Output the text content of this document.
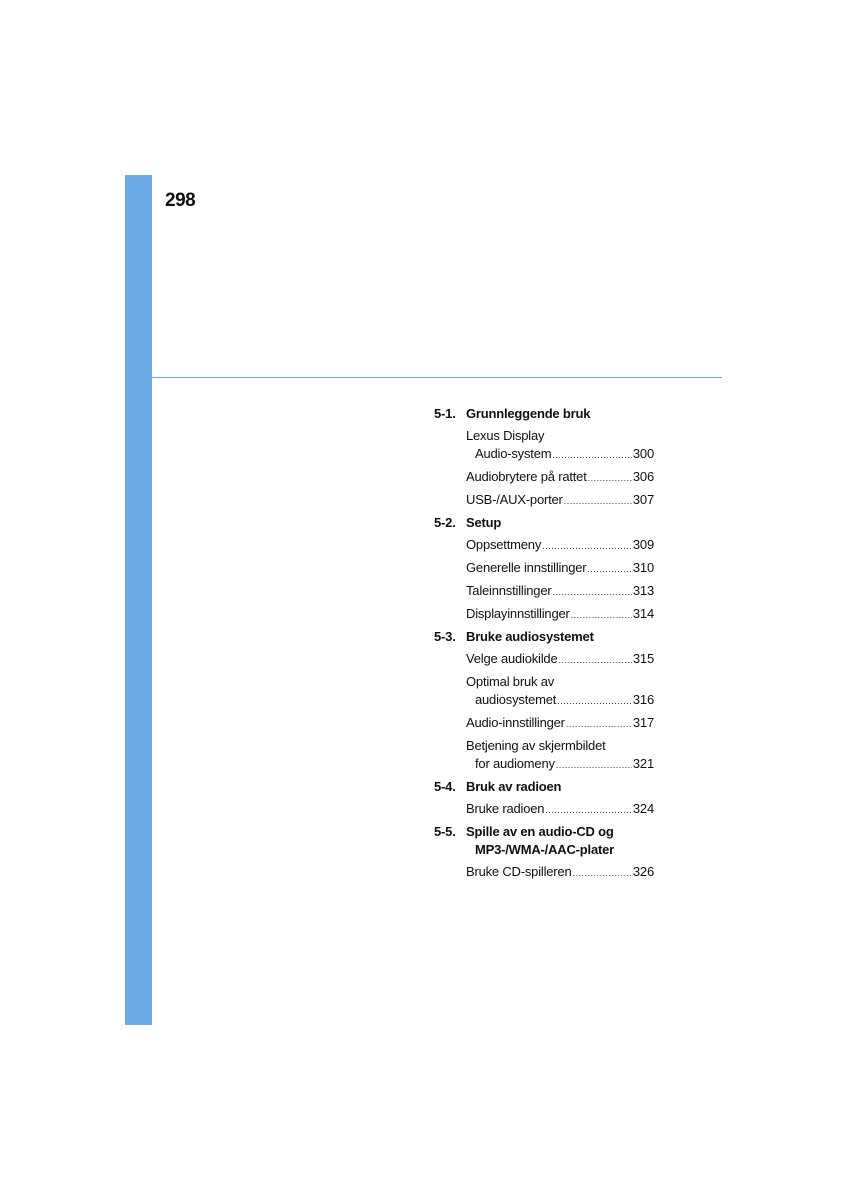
298
5-1. Grunnleggende bruk
Lexus Display
Audio-system .....	300
Audiobrytere på rattet .....	306
USB-/AUX-porter .....	307
5-2. Setup
Oppsettmeny .....	309
Generelle innstillinger .....	310
Taleinnstillinger .....	313
Displayinnstillinger .....	314
5-3. Bruke audiosystemet
Velge audiokilde .....	315
Optimal bruk av
audiosystemet .....	316
Audio-innstillinger .....	317
Betjening av skjermbildet
for audiomeny .....	321
5-4. Bruk av radioen
Bruke radioen .....	324
5-5. Spille av en audio-CD og
MP3-/WMA-/AAC-plater
Bruke CD-spilleren .....	326
